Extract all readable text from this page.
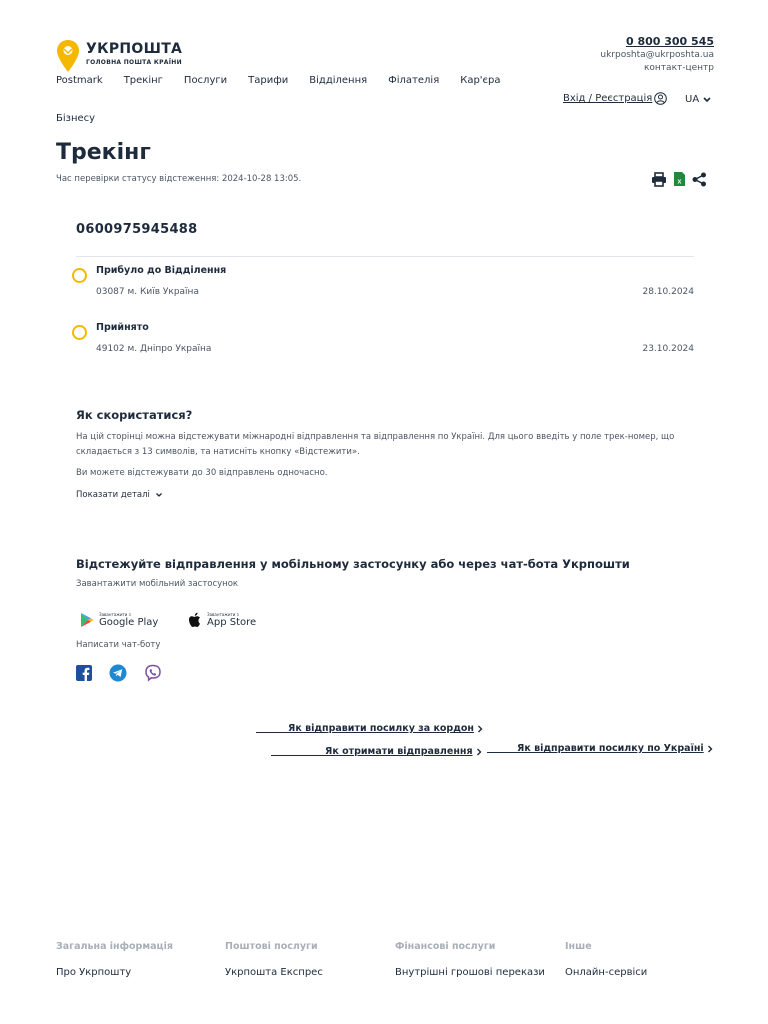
УКРПОШТА
ГОЛОВНА ПОШТА КРАЇНИ
0 800 300 545
ukrposhta@ukrposhta.ua
контакт-центр
Postmark Трекінг Послуги Тарифи Відділення Філателія Кар'єра
Бізнесу
Вхід / Реєстрація	UA
Трекінг
Час перевірки статусу відстеження: 2024-10-28 13:05.	x
0600975945488
Прибуло до Відділення
03087 м. Київ Україна	28.10.2024
Прийнято
49102 м. Дніпро Україна	23.10.2024
Як скористатися?

На цій сторінці можна відстежувати міжнародні відправлення та відправлення по Україні. Для цього введіть у поле трек-номер, що складається з 13 символів, та натисніть кнопку «Відстежити».

Ви можете відстежувати до 30 відправлень одночасно.

Показати деталі
Відстежуйте відправлення у мобільному застосунку або через чат-бота Укрпошти
Завантажити мобільний застосунок
Завантажити з
Google Play
Завантажити з
App Store
Написати чат-боту
Як відправити посилку за кордон
Як отримати відправлення	Як відправити посилку по Україні
Загальна інформація
Про Укрпошту
Поштові послуги
Укрпошта Експрес
Фінансові послуги
Внутрішні грошові перекази
Інше
Онлайн-сервіси
